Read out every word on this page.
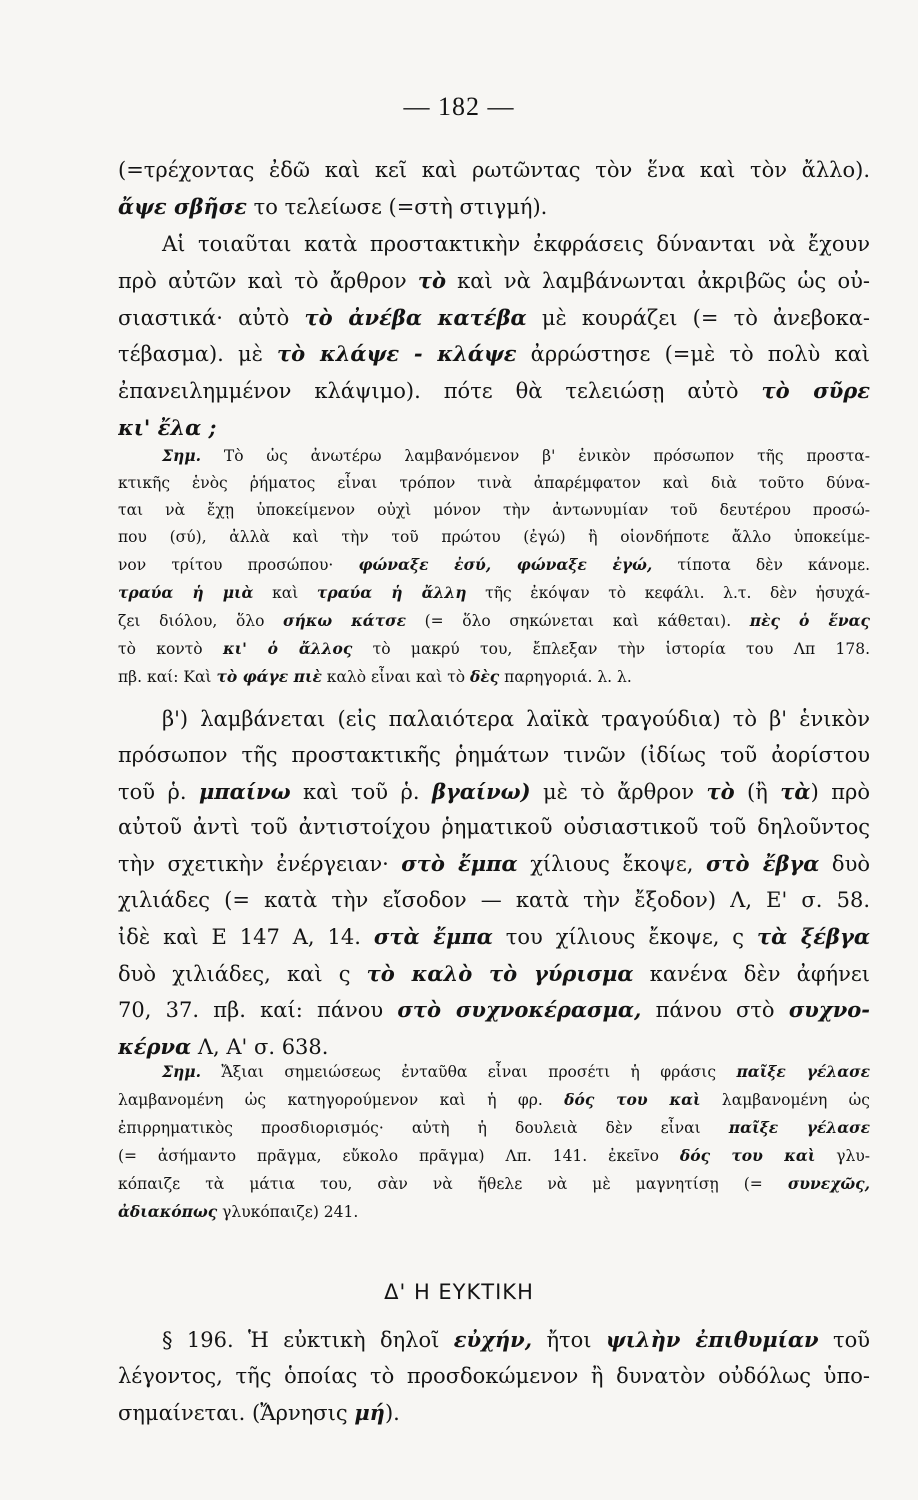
— 182 —
(=τρέχοντας ἐδῶ καὶ κεῖ καὶ ρωτῶντας τὸν ἕνα καὶ τὸν ἄλλο).
ἄψε σβῆσε το τελείωσε (=στὴ στιγμή).
Αἱ τοιαῦται κατὰ προστακτικὴν ἐκφράσεις δύνανται νὰ ἔχουν
πρὸ αὐτῶν καὶ τὸ ἄρθρον τὸ καὶ νὰ λαμβάνωνται ἀκριβῶς ὡς οὐ-
σιαστικά· αὐτὸ τὸ ἀνέβα κατέβα μὲ κουράζει (= τὸ ἀνεβοκα-
τέβασμα). μὲ τὸ κλάψε - κλάψε ἀρρώστησε (=μὲ τὸ πολὺ καὶ
ἐπανειλημμένον κλάψιμο). πότε θὰ τελειώσῃ αὐτὸ τὸ σῦρε
κι' ἔλα ;
Σημ. Τὸ ὡς ἀνωτέρω λαμβανόμενον β' ἑνικὸν πρόσωπον τῆς προστα-
κτικῆς ἑνὸς ῥήματος εἶναι τρόπον τινὰ ἀπαρέμφατον καὶ διὰ τοῦτο δύνα-
ται νὰ ἔχῃ ὑποκείμενον οὐχὶ μόνον τὴν ἀντωνυμίαν τοῦ δευτέρου προσώ-
που (σύ), ἀλλὰ καὶ τὴν τοῦ πρώτου (ἐγώ) ἢ οἱονδήποτε ἄλλο ὑποκείμε-
νον τρίτου προσώπου· φώναξε ἐσύ, φώναξε ἐγώ, τίποτα δὲν κάνομε.
τραύα ἡ μιὰ καὶ τραύα ἡ ἄλλη τῆς ἐκόψαν τὸ κεφάλι. λ.τ. δὲν ἡσυχά-
ζει διόλου, ὅλο σήκω κάτσε (= ὅλο σηκώνεται καὶ κάθεται). πὲς ὁ ἕνας
τὸ κοντὸ κι' ὁ ἄλλος τὸ μακρύ του, ἔπλεξαν τὴν ἱστορία του Λπ 178.
πβ. καί: Καὶ τὸ φάγε πιὲ καλὸ εἶναι καὶ τὸ δὲς παρηγοριά. λ. λ.
β') λαμβάνεται (εἰς παλαιότερα λαϊκὰ τραγούδια) τὸ β' ἑνικὸν
πρόσωπον τῆς προστακτικῆς ῥημάτων τινῶν (ἰδίως τοῦ ἀορίστου
τοῦ ῥ. μπαίνω καὶ τοῦ ῥ. βγαίνω) μὲ τὸ ἄρθρον τὸ (ἢ τὰ) πρὸ
αὐτοῦ ἀντὶ τοῦ ἀντιστοίχου ῥηματικοῦ οὐσιαστικοῦ τοῦ δηλοῦντος
τὴν σχετικὴν ἐνέργειαν· στὸ ἔμπα χίλιους ἔκοψε, στὸ ἔβγα δυὸ
χιλιάδες (= κατὰ τὴν εἴσοδον — κατὰ τὴν ἔξοδον) Λ, Ε' σ. 58.
ἰδὲ καὶ Ε 147 Α, 14. στὰ ἔμπα του χίλιους ἔκοψε, ς τὰ ξέβγα
δυὸ χιλιάδες, καὶ ς τὸ καλὸ τὸ γύρισμα κανένα δὲν ἀφήνει
70, 37. πβ. καί: πάνου στὸ συχνοκέρασμα, πάνου στὸ συχνο-
κέρνα Λ, Α' σ. 638.
Σημ. Ἄξιαι σημειώσεως ἐνταῦθα εἶναι προσέτι ἡ φράσις παῖξε γέλασε
λαμβανομένη ὡς κατηγορούμενον καὶ ἡ φρ. δός του καὶ λαμβανομένη ὡς
ἐπιρρηματικὸς προσδιορισμός· αὐτὴ ἡ δουλειὰ δὲν εἶναι παῖξε γέλασε
(= ἀσήμαντο πρᾶγμα, εὔκολο πρᾶγμα) Λπ. 141. ἐκεῖνο δός του καὶ γλυ-
κόπαιζε τὰ μάτια του, σὰν νὰ ἤθελε νὰ μὲ μαγνητίσῃ (= συνεχῶς,
ἀδιακόπως γλυκόπαιζε) 241.
Δ' Η ΕΥΚΤΙΚΗ
§ 196. Ἡ εὐκτικὴ δηλοῖ εὐχήν, ἤτοι ψιλὴν ἐπιθυμίαν τοῦ
λέγοντος, τῆς ὁποίας τὸ προσδοκώμενον ἢ δυνατὸν οὐδόλως ὑπο-
σημαίνεται. (Ἄρνησις μή).
